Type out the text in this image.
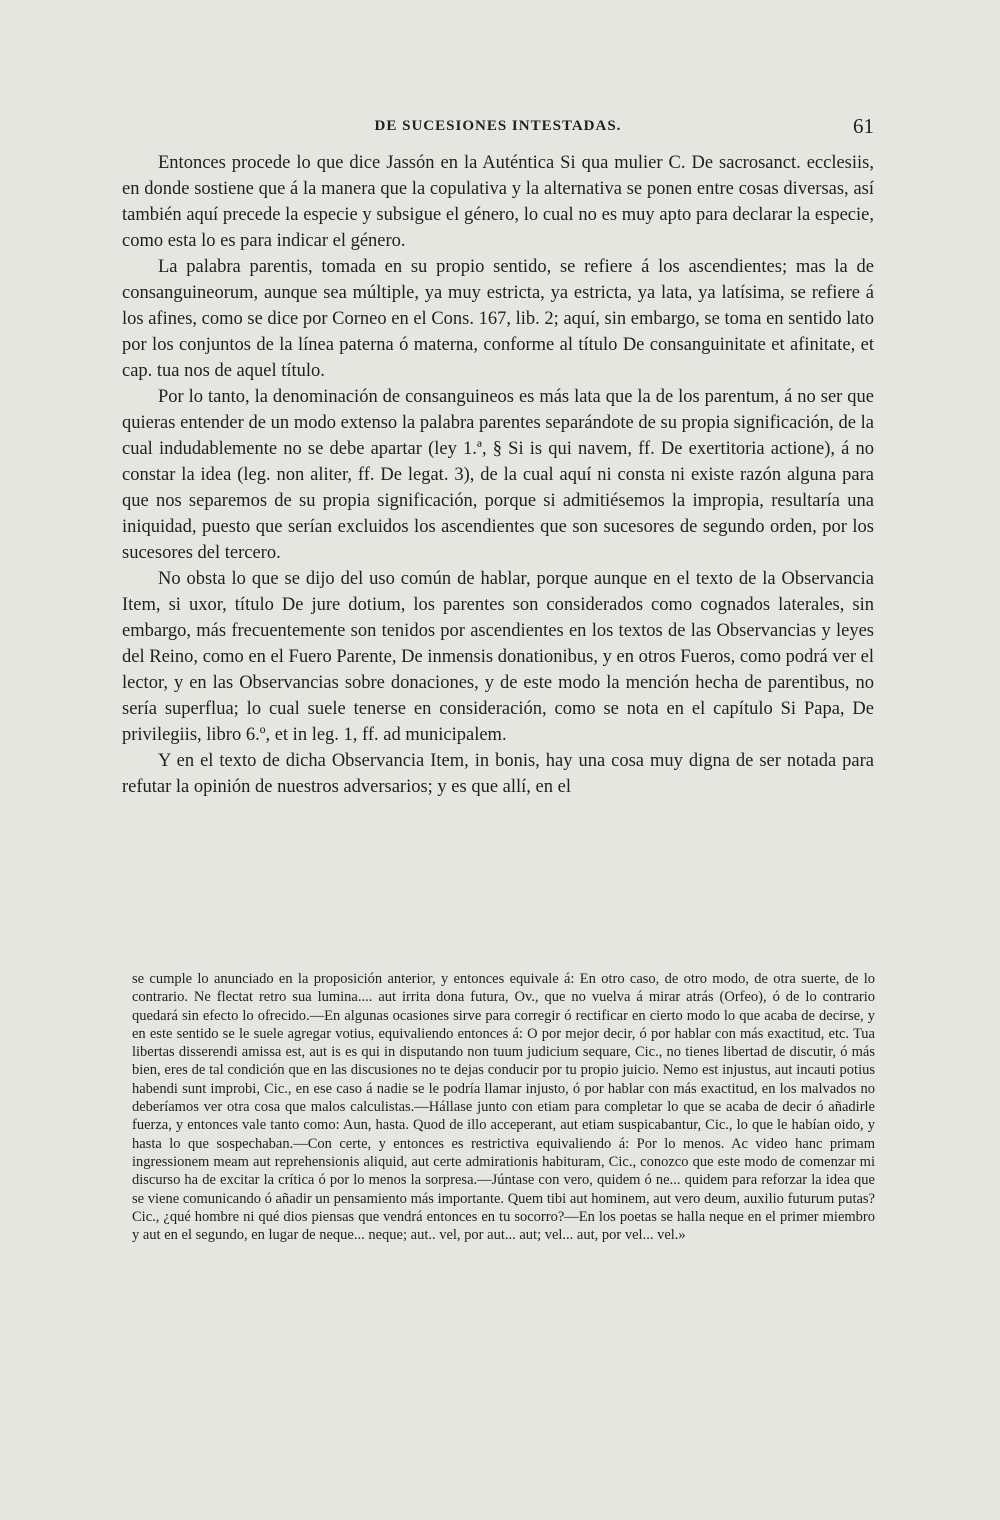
DE SUCESIONES INTESTADAS.	61

Entonces procede lo que dice Jassón en la Auténtica Si qua mulier C. De sacrosanct. ecclesiis, en donde sostiene que á la manera que la copulativa y la alternativa se ponen entre cosas diversas, así también aquí precede la especie y subsigue el género, lo cual no es muy apto para declarar la especie, como esta lo es para indicar el género.

La palabra parentis, tomada en su propio sentido, se refiere á los ascendientes; mas la de consanguineorum, aunque sea múltiple, ya muy estricta, ya estricta, ya lata, ya latísima, se refiere á los afines, como se dice por Corneo en el Cons. 167, lib. 2; aquí, sin embargo, se toma en sentido lato por los conjuntos de la línea paterna ó materna, conforme al título De consanguinitate et afinitate, et cap. tua nos de aquel título.

Por lo tanto, la denominación de consanguineos es más lata que la de los parentum, á no ser que quieras entender de un modo extenso la palabra parentes separándote de su propia significación, de la cual indudablemente no se debe apartar (ley 1.ª, § Si is qui navem, ff. De exertitoria actione), á no constar la idea (leg. non aliter, ff. De legat. 3), de la cual aquí ni consta ni existe razón alguna para que nos separemos de su propia significación, porque si admitiésemos la impropia, resultaría una iniquidad, puesto que serían excluidos los ascendientes que son sucesores de segundo orden, por los sucesores del tercero.

No obsta lo que se dijo del uso común de hablar, porque aunque en el texto de la Observancia Item, si uxor, título De jure dotium, los parentes son considerados como cognados laterales, sin embargo, más frecuentemente son tenidos por ascendientes en los textos de las Observancias y leyes del Reino, como en el Fuero Parente, De inmensis donationibus, y en otros Fueros, como podrá ver el lector, y en las Observancias sobre donaciones, y de este modo la mención hecha de parentibus, no sería superflua; lo cual suele tenerse en consideración, como se nota en el capítulo Si Papa, De privilegiis, libro 6.º, et in leg. 1, ff. ad municipalem.

Y en el texto de dicha Observancia Item, in bonis, hay una cosa muy digna de ser notada para refutar la opinión de nuestros adversarios; y es que allí, en el

se cumple lo anunciado en la proposición anterior, y entonces equivale á: En otro caso, de otro modo, de otra suerte, de lo contrario. Ne flectat retro sua lumina.... aut irrita dona futura, Ov., que no vuelva á mirar atrás (Orfeo), ó de lo contrario quedará sin efecto lo ofrecido.—En algunas ocasiones sirve para corregir ó rectificar en cierto modo lo que acaba de decirse, y en este sentido se le suele agregar votius, equivaliendo entonces á: O por mejor decir, ó por hablar con más exactitud, etc. Tua libertas disserendi amissa est, aut is es qui in disputando non tuum judicium sequare, Cic., no tienes libertad de discutir, ó más bien, eres de tal condición que en las discusiones no te dejas conducir por tu propio juicio. Nemo est injustus, aut incauti potius habendi sunt improbi, Cic., en ese caso á nadie se le podría llamar injusto, ó por hablar con más exactitud, en los malvados no deberíamos ver otra cosa que malos calculistas.—Hállase junto con etiam para completar lo que se acaba de decir ó añadirle fuerza, y entonces vale tanto como: Aun, hasta. Quod de illo acceperant, aut etiam suspicabantur, Cic., lo que le habían oido, y hasta lo que sospechaban.—Con certe, y entonces es restrictiva equivaliendo á: Por lo menos. Ac video hanc primam ingressionem meam aut reprehensionis aliquid, aut certe admirationis habituram, Cic., conozco que este modo de comenzar mi discurso ha de excitar la crítica ó por lo menos la sorpresa.—Júntase con vero, quidem ó ne... quidem para reforzar la idea que se viene comunicando ó añadir un pensamiento más importante. Quem tibi aut hominem, aut vero deum, auxilio futurum putas? Cic., ¿qué hombre ni qué dios piensas que vendrá entonces en tu socorro?—En los poetas se halla neque en el primer miembro y aut en el segundo, en lugar de neque... neque; aut.. vel, por aut... aut; vel... aut, por vel... vel.»
